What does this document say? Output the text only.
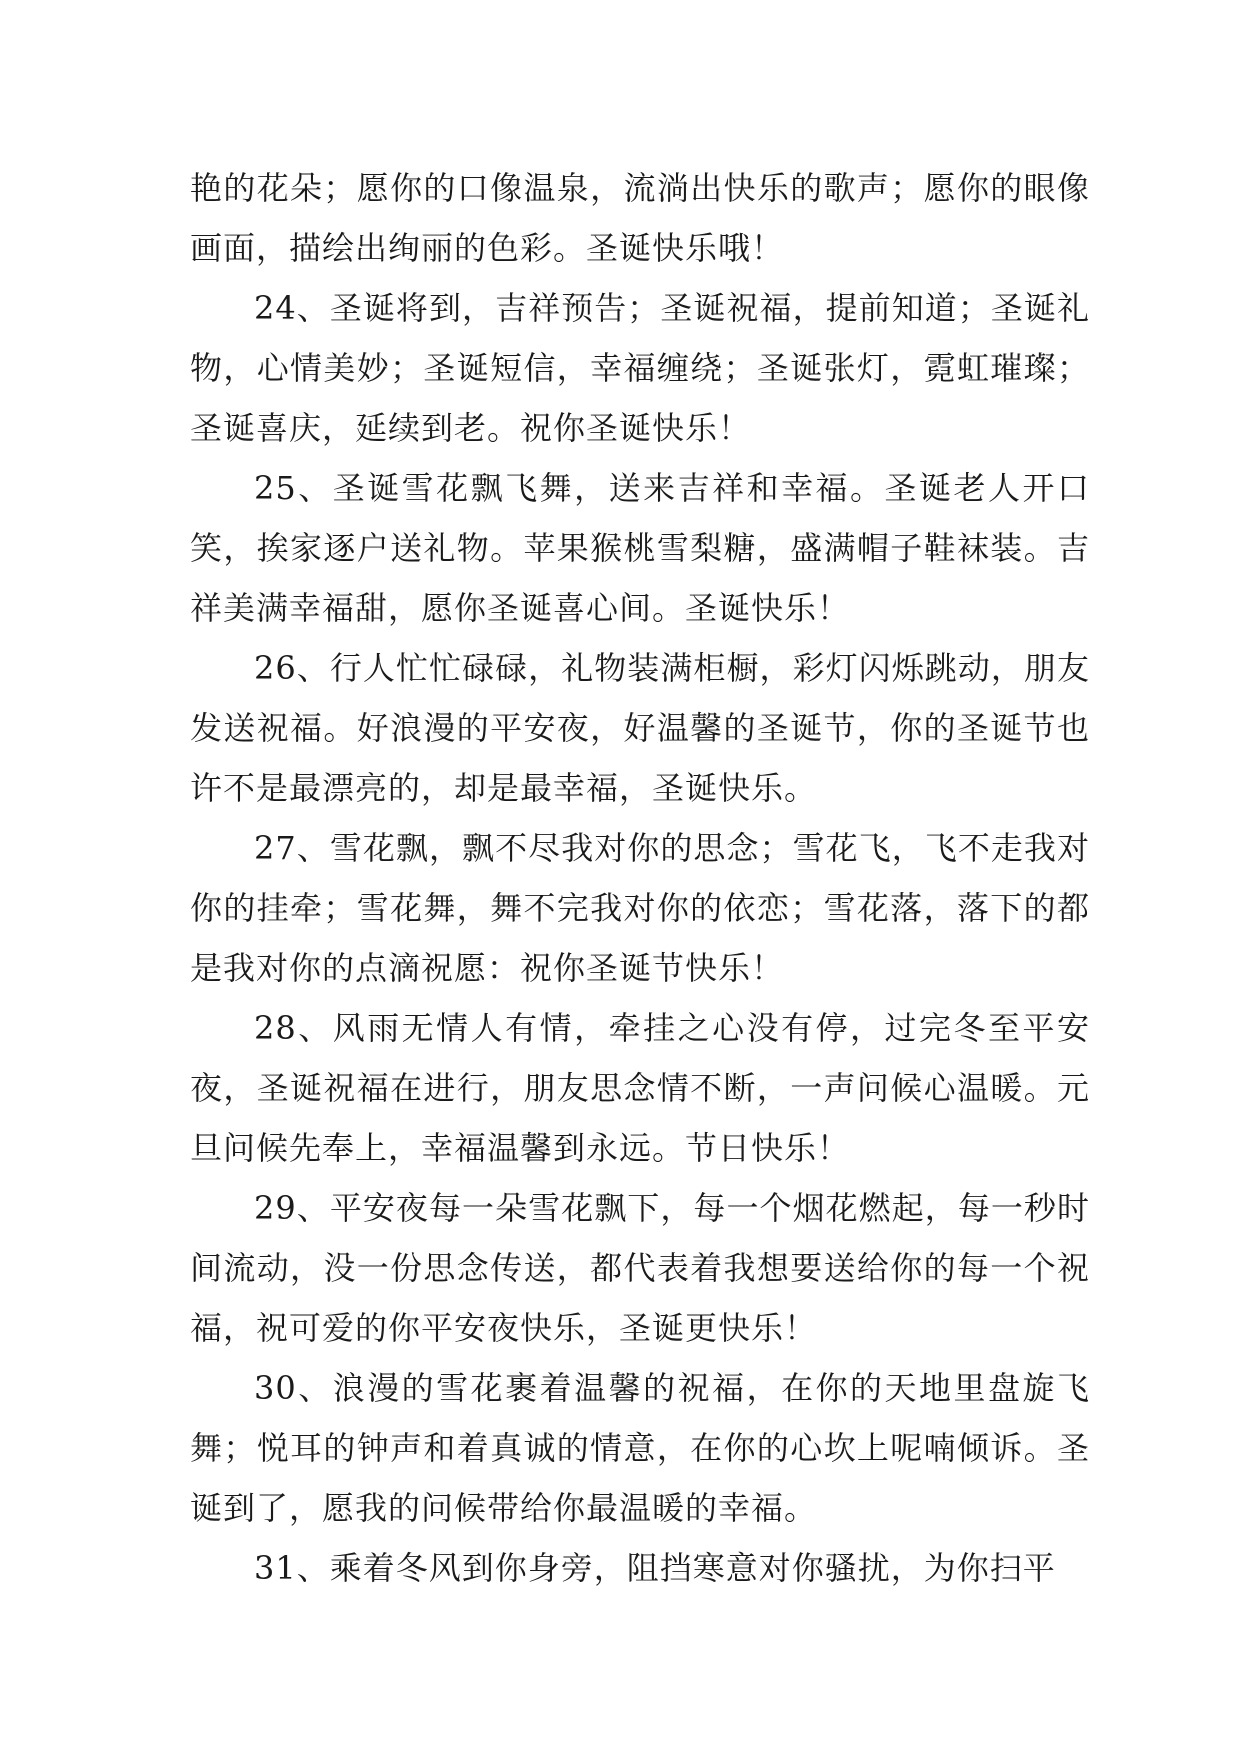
艳的花朵；愿你的口像温泉，流淌出快乐的歌声；愿你的眼像画面，描绘出绚丽的色彩。圣诞快乐哦！

24、圣诞将到，吉祥预告；圣诞祝福，提前知道；圣诞礼物，心情美妙；圣诞短信，幸福缠绕；圣诞张灯，霓虹璀璨；圣诞喜庆，延续到老。祝你圣诞快乐！

25、圣诞雪花飘飞舞，送来吉祥和幸福。圣诞老人开口笑，挨家逐户送礼物。苹果猴桃雪梨糖，盛满帽子鞋袜装。吉祥美满幸福甜，愿你圣诞喜心间。圣诞快乐！

26、行人忙忙碌碌，礼物装满柜橱，彩灯闪烁跳动，朋友发送祝福。好浪漫的平安夜，好温馨的圣诞节，你的圣诞节也许不是最漂亮的，却是最幸福，圣诞快乐。

27、雪花飘，飘不尽我对你的思念；雪花飞，飞不走我对你的挂牵；雪花舞，舞不完我对你的依恋；雪花落，落下的都是我对你的点滴祝愿：祝你圣诞节快乐！

28、风雨无情人有情，牵挂之心没有停，过完冬至平安夜，圣诞祝福在进行，朋友思念情不断，一声问候心温暖。元旦问候先奉上，幸福温馨到永远。节日快乐！

29、平安夜每一朵雪花飘下，每一个烟花燃起，每一秒时间流动，没一份思念传送，都代表着我想要送给你的每一个祝福，祝可爱的你平安夜快乐，圣诞更快乐！

30、浪漫的雪花裹着温馨的祝福，在你的天地里盘旋飞舞；悦耳的钟声和着真诚的情意，在你的心坎上呢喃倾诉。圣诞到了，愿我的问候带给你最温暖的幸福。

31、乘着冬风到你身旁，阻挡寒意对你骚扰，为你扫平
